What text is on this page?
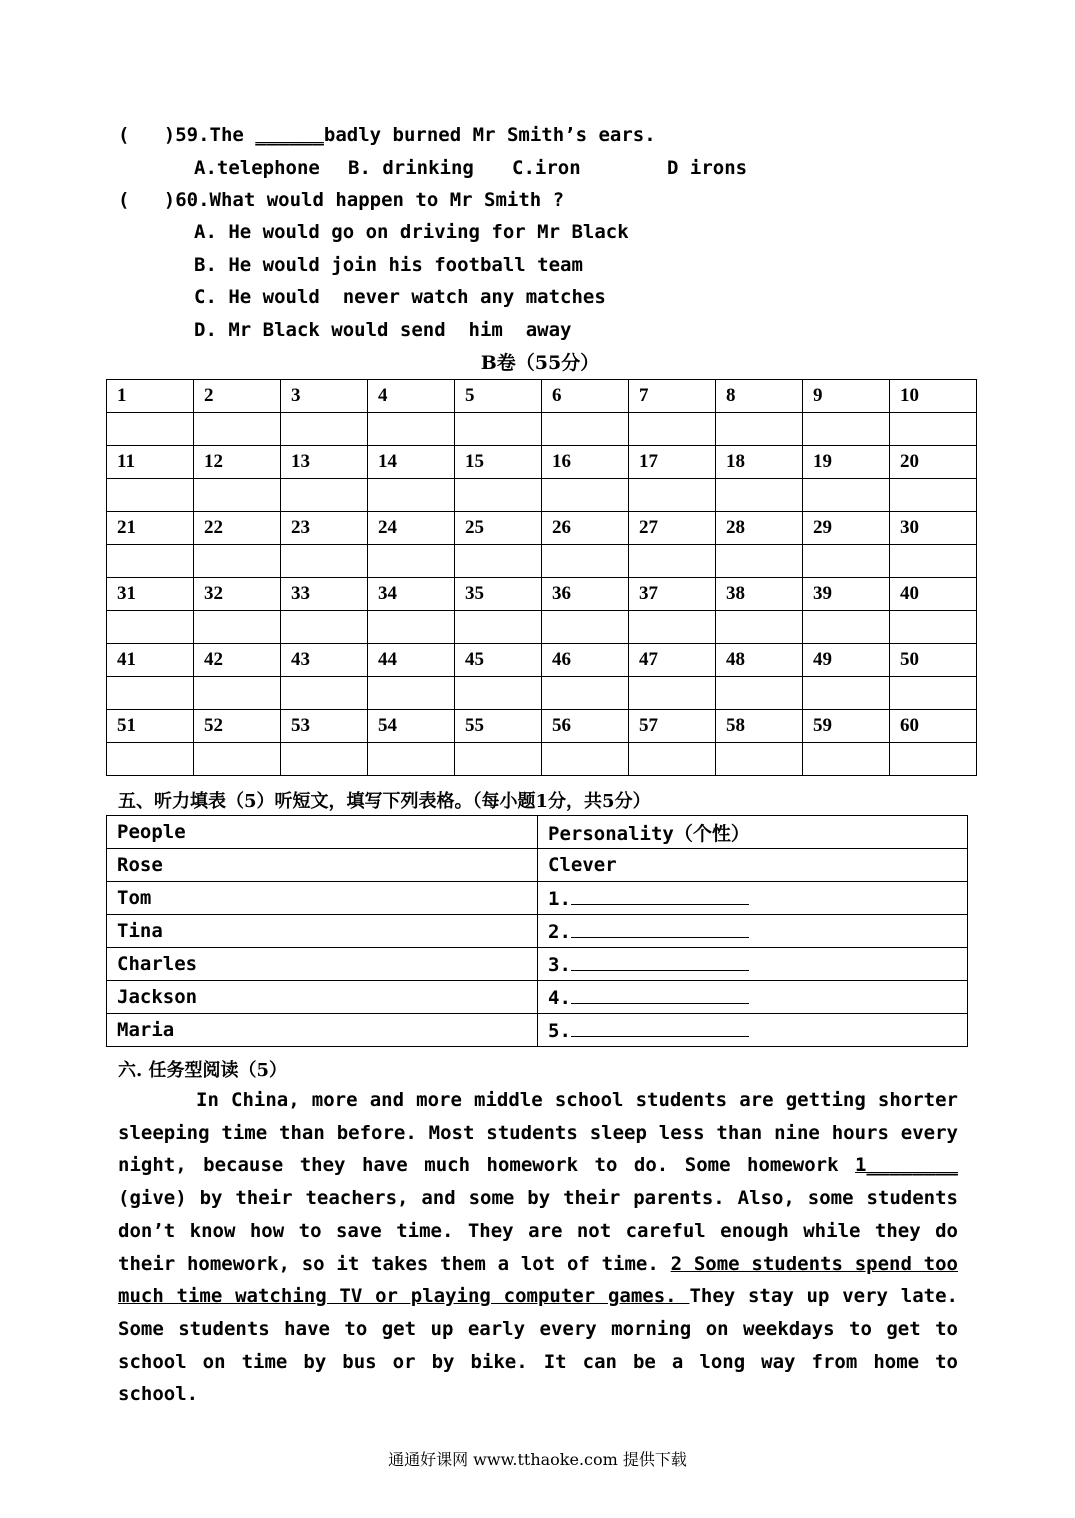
(   )59.The ______badly burned Mr Smith’s ears.
A.telephone B. drinking C.iron	D irons
(   )60.What would happen to Mr Smith ?
A. He would go on driving for Mr Black
B. He would join his football team
C. He would  never watch any matches
D. Mr Black would send  him  away
B卷（55分）
1	2	3	4	5	6	7	8	9	10

11	12	13	14	15	16	17	18	19	20

21	22	23	24	25	26	27	28	29	30

31	32	33	34	35	36	37	38	39	40

41	42	43	44	45	46	47	48	49	50

51	52	53	54	55	56	57	58	59	60

五、听力填表（5）听短文，填写下列表格。（每小题1分，共5分）
People	Personality（个性）
Rose	Clever
Tom	1.
Tina	2.
Charles	3.
Jackson	4.
Maria	5.
六. 任务型阅读（5）
In China, more and more middle school students are getting shorter sleeping time than before. Most students sleep less than nine hours every night, because they have much homework to do. Some homework 1________ (give) by their teachers, and some by their parents. Also, some students don’t know how to save time. They are not careful enough while they do their homework, so it takes them a lot of time. 2 Some students spend too much time watching TV or playing computer games. They stay up very late. Some students have to get up early every morning on weekdays to get to school on time by bus or by bike. It can be a long way from home to school.
通通好课网 www.tthaoke.com 提供下载
